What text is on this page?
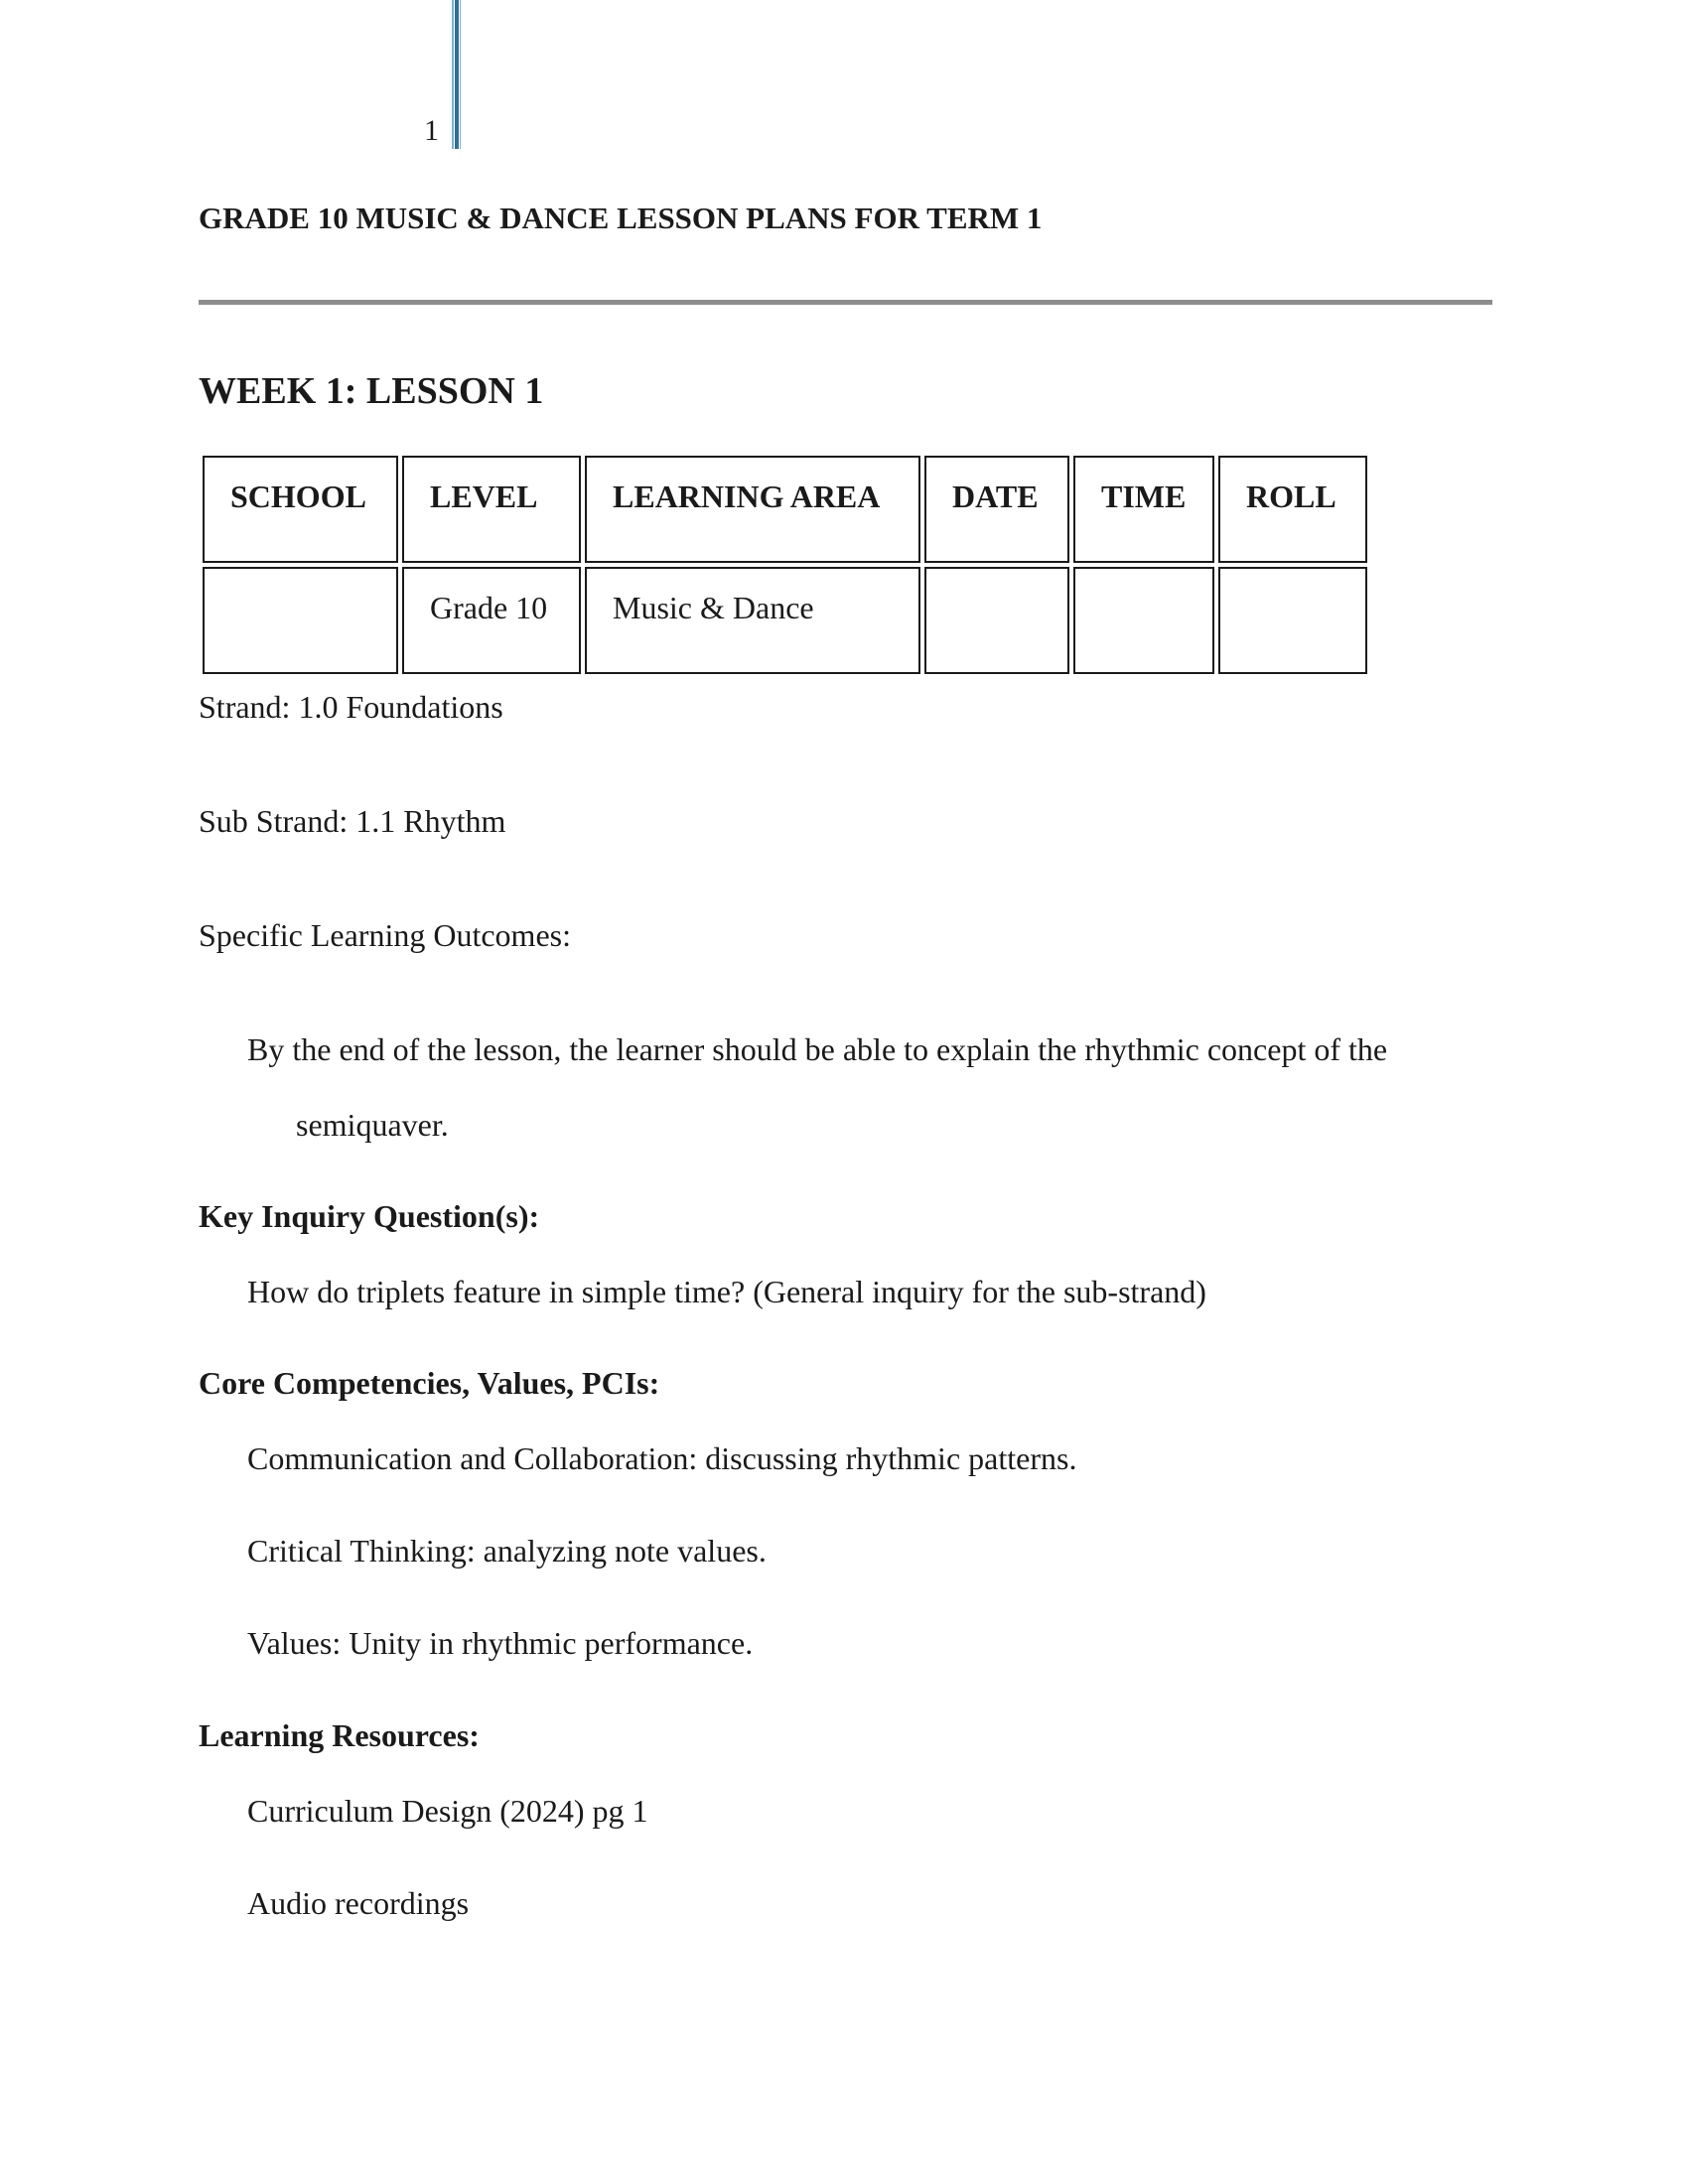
1
GRADE 10 MUSIC & DANCE LESSON PLANS FOR TERM 1
WEEK 1: LESSON 1
SCHOOL	LEVEL	LEARNING AREA	DATE	TIME	ROLL
	Grade 10	Music & Dance			
Strand: 1.0 Foundations
Sub Strand: 1.1 Rhythm
Specific Learning Outcomes:
By the end of the lesson, the learner should be able to explain the rhythmic concept of the
semiquaver.
Key Inquiry Question(s):
How do triplets feature in simple time? (General inquiry for the sub-strand)
Core Competencies, Values, PCIs:
Communication and Collaboration: discussing rhythmic patterns.
Critical Thinking: analyzing note values.
Values: Unity in rhythmic performance.
Learning Resources:
Curriculum Design (2024) pg 1
Audio recordings
